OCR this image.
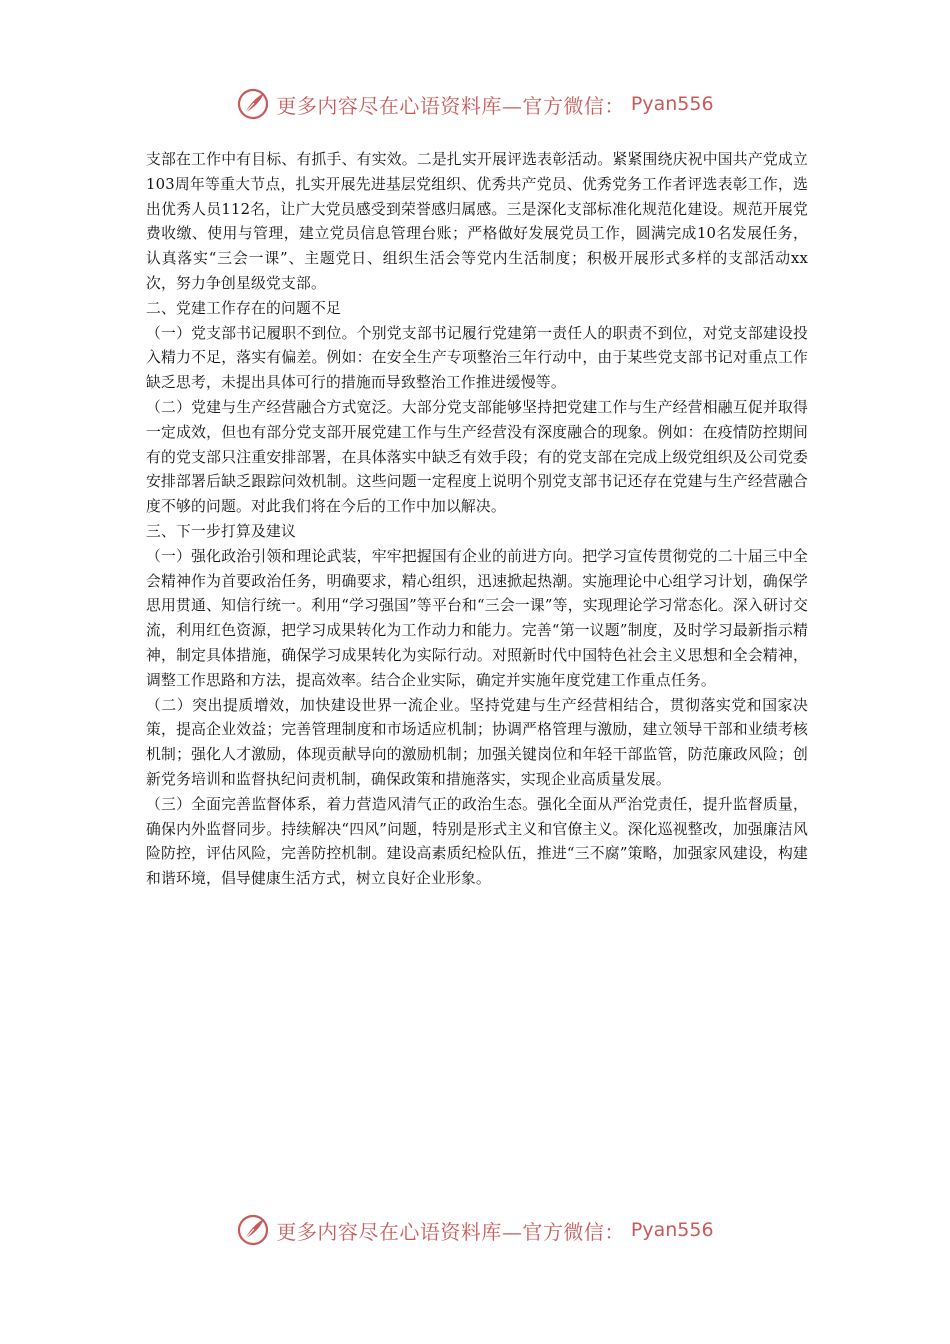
更多内容尽在心语资料库—官方微信： Pyan556

支部在工作中有目标、有抓手、有实效。二是扎实开展评选表彰活动。紧紧围绕庆祝中国共产党成立103周年等重大节点，扎实开展先进基层党组织、优秀共产党员、优秀党务工作者评选表彰工作，选出优秀人员112名，让广大党员感受到荣誉感归属感。三是深化支部标准化规范化建设。规范开展党费收缴、使用与管理，建立党员信息管理台账；严格做好发展党员工作，圆满完成10名发展任务，认真落实“三会一课”、主题党日、组织生活会等党内生活制度；积极开展形式多样的支部活动xx次，努力争创星级党支部。

二、党建工作存在的问题不足

（一）党支部书记履职不到位。个别党支部书记履行党建第一责任人的职责不到位，对党支部建设投入精力不足，落实有偏差。例如：在安全生产专项整治三年行动中，由于某些党支部书记对重点工作缺乏思考，未提出具体可行的措施而导致整治工作推进缓慢等。

（二）党建与生产经营融合方式宽泛。大部分党支部能够坚持把党建工作与生产经营相融互促并取得一定成效，但也有部分党支部开展党建工作与生产经营没有深度融合的现象。例如：在疫情防控期间有的党支部只注重安排部署，在具体落实中缺乏有效手段；有的党支部在完成上级党组织及公司党委安排部署后缺乏跟踪问效机制。这些问题一定程度上说明个别党支部书记还存在党建与生产经营融合度不够的问题。对此我们将在今后的工作中加以解决。

三、下一步打算及建议

（一）强化政治引领和理论武装，牢牢把握国有企业的前进方向。把学习宣传贯彻党的二十届三中全会精神作为首要政治任务，明确要求，精心组织，迅速掀起热潮。实施理论中心组学习计划，确保学思用贯通、知信行统一。利用“学习强国”等平台和“三会一课”等，实现理论学习常态化。深入研讨交流，利用红色资源，把学习成果转化为工作动力和能力。完善“第一议题”制度，及时学习最新指示精神，制定具体措施，确保学习成果转化为实际行动。对照新时代中国特色社会主义思想和全会精神，调整工作思路和方法，提高效率。结合企业实际，确定并实施年度党建工作重点任务。

（二）突出提质增效，加快建设世界一流企业。坚持党建与生产经营相结合，贯彻落实党和国家决策，提高企业效益；完善管理制度和市场适应机制；协调严格管理与激励，建立领导干部和业绩考核机制；强化人才激励，体现贡献导向的激励机制；加强关键岗位和年轻干部监管，防范廉政风险；创新党务培训和监督执纪问责机制，确保政策和措施落实，实现企业高质量发展。

（三）全面完善监督体系，着力营造风清气正的政治生态。强化全面从严治党责任，提升监督质量，确保内外监督同步。持续解决“四风”问题，特别是形式主义和官僚主义。深化巡视整改，加强廉洁风险防控，评估风险，完善防控机制。建设高素质纪检队伍，推进“三不腐”策略，加强家风建设，构建和谐环境，倡导健康生活方式，树立良好企业形象。

更多内容尽在心语资料库—官方微信： Pyan556
